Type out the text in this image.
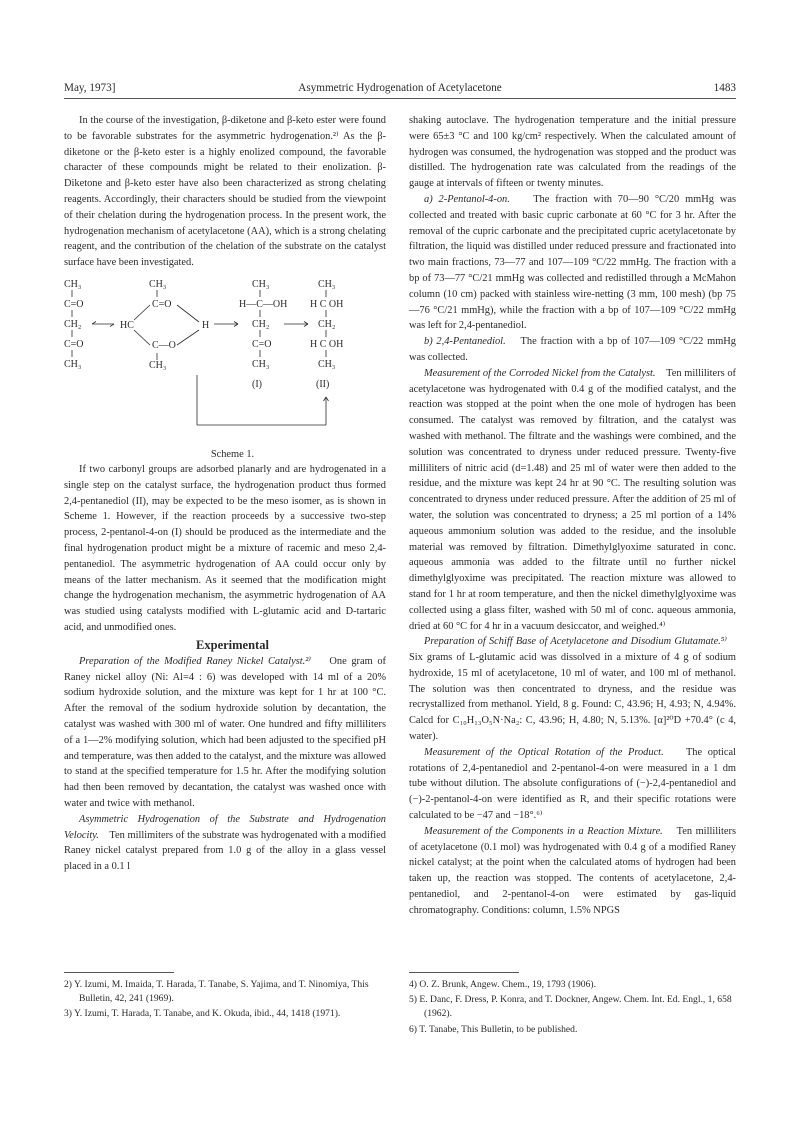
May, 1973]	Asymmetric Hydrogenation of Acetylacetone	1483

In the course of the investigation, β-diketone and β-keto ester were found to be favorable substrates for the asymmetric hydrogenation.²⁾ As the β-diketone or the β-keto ester is a highly enolized compound, the favorable character of these compounds might be related to their enolization. β-Diketone and β-keto ester have also been characterized as strong chelating reagents. Accordingly, their characters should be studied from the viewpoint of their chelation during the hydrogenation process. In the present work, the hydrogenation mechanism of acetylacetone (AA), which is a strong chelating reagent, and the contribution of the chelation of the substrate on the catalyst surface have been investigated.

CH₃
C=O
CH₂
C=O
CH₃
CH₃
C=O
HC
C—O
CH₃
H
CH₃
H—C—OH
CH₂
C=O
CH₃
(I)
CH₃
H C OH
CH₂
H C OH
CH₃
(II)

Scheme 1.

If two carbonyl groups are adsorbed planarly and are hydrogenated in a single step on the catalyst surface, the hydrogenation product thus formed 2,4-pentanediol (II), may be expected to be the meso isomer, as is shown in Scheme 1. However, if the reaction proceeds by a successive two-step process, 2-pentanol-4-on (I) should be produced as the intermediate and the final hydrogenation product might be a mixture of racemic and meso 2,4-pentanediol. The asymmetric hydrogenation of AA could occur only by means of the latter mechanism. As it seemed that the modification might change the hydrogenation mechanism, the asymmetric hydrogenation of AA was studied using catalysts modified with L-glutamic acid and D-tartaric acid, and unmodified ones.

Experimental

Preparation of the Modified Raney Nickel Catalyst.²⁾ One gram of Raney nickel alloy (Ni: Al=4 : 6) was developed with 14 ml of a 20% sodium hydroxide solution, and the mixture was kept for 1 hr at 100 °C. After the removal of the sodium hydroxide solution by decantation, the catalyst was washed with 300 ml of water. One hundred and fifty milliliters of a 1—2% modifying solution, which had been adjusted to the specified pH and temperature, was then added to the catalyst, and the mixture was allowed to stand at the specified temperature for 1.5 hr. After the modifying solution had then been removed by decantation, the catalyst was washed once with water and twice with methanol.

Asymmetric Hydrogenation of the Substrate and Hydrogenation Velocity. Ten millimiters of the substrate was hydrogenated with a modified Raney nickel catalyst prepared from 1.0 g of the alloy in a glass vessel placed in a 0.1 l

shaking autoclave. The hydrogenation temperature and the initial pressure were 65±3 °C and 100 kg/cm² respectively. When the calculated amount of hydrogen was consumed, the hydrogenation was stopped and the product was distilled. The hydrogenation rate was calculated from the readings of the gauge at intervals of fifteen or twenty minutes.

a) 2-Pentanol-4-on. The fraction with 70—90 °C/20 mmHg was collected and treated with basic cupric carbonate at 60 °C for 3 hr. After the removal of the cupric carbonate and the precipitated cupric acetylacetonate by filtration, the liquid was distilled under reduced pressure and fractionated into two main fractions, 73—77 and 107—109 °C/22 mmHg. The fraction with a bp of 73—77 °C/21 mmHg was collected and redistilled through a McMahon column (10 cm) packed with stainless wire-netting (3 mm, 100 mesh) (bp 75—76 °C/21 mmHg), while the fraction with a bp of 107—109 °C/22 mmHg was left for 2,4-pentanediol.

b) 2,4-Pentanediol. The fraction with a bp of 107—109 °C/22 mmHg was collected.

Measurement of the Corroded Nickel from the Catalyst. Ten milliliters of acetylacetone was hydrogenated with 0.4 g of the modified catalyst, and the reaction was stopped at the point when the one mole of hydrogen has been consumed. The catalyst was removed by filtration, and the catalyst was washed with methanol. The filtrate and the washings were combined, and the solution was concentrated to dryness under reduced pressure. Twenty-five milliliters of nitric acid (d=1.48) and 25 ml of water were then added to the residue, and the mixture was kept 24 hr at 90 °C. The resulting solution was concentrated to dryness under reduced pressure. After the addition of 25 ml of water, the solution was concentrated to dryness; a 25 ml portion of a 14% aqueous ammonium solution was added to the residue, and the insoluble material was removed by filtration. Dimethylglyoxime saturated in conc. aqueous ammonia was added to the filtrate until no further nickel dimethylglyoxime was precipitated. The reaction mixture was allowed to stand for 1 hr at room temperature, and then the nickel dimethylglyoxime was collected using a glass filter, washed with 50 ml of conc. aqueous ammonia, dried at 60 °C for 4 hr in a vacuum desiccator, and weighed.⁴⁾

Preparation of Schiff Base of Acetylacetone and Disodium Glutamate.⁵⁾    Six grams of L-glutamic acid was dissolved in a mixture of 4 g of sodium hydroxide, 15 ml of acetylacetone, 10 ml of water, and 100 ml of methanol. The solution was then concentrated to dryness, and the residue was recrystallized from methanol. Yield, 8 g. Found: C, 43.96; H, 4.93; N, 4.94%. Calcd for C₁₀H₁₃O₅N·Na₂: C, 43.96; H, 4.80; N, 5.13%. [α]²⁰D +70.4° (c 4, water).

Measurement of the Optical Rotation of the Product. The optical rotations of 2,4-pentanediol and 2-pentanol-4-on were measured in a 1 dm tube without dilution. The absolute configurations of (−)-2,4-pentanediol and (−)-2-pentanol-4-on were identified as R, and their specific rotations were calculated to be −47 and −18°.⁶⁾

Measurement of the Components in a Reaction Mixture. Ten milliliters of acetylacetone (0.1 mol) was hydrogenated with 0.4 g of a modified Raney nickel catalyst; at the point when the calculated atoms of hydrogen had been taken up, the reaction was stopped. The contents of acetylacetone, 2,4-pentanediol, and 2-pentanol-4-on were estimated by gas-liquid chromatography. Conditions: column, 1.5% NPGS

2) Y. Izumi, M. Imaida, T. Harada, T. Tanabe, S. Yajima, and T. Ninomiya, This Bulletin, 42, 241 (1969).

3) Y. Izumi, T. Harada, T. Tanabe, and K. Okuda, ibid., 44, 1418 (1971).

4) O. Z. Brunk, Angew. Chem., 19, 1793 (1906).

5) E. Danc, F. Dress, P. Konra, and T. Dockner, Angew. Chem. Int. Ed. Engl., 1, 658 (1962).

6) T. Tanabe, This Bulletin, to be published.
